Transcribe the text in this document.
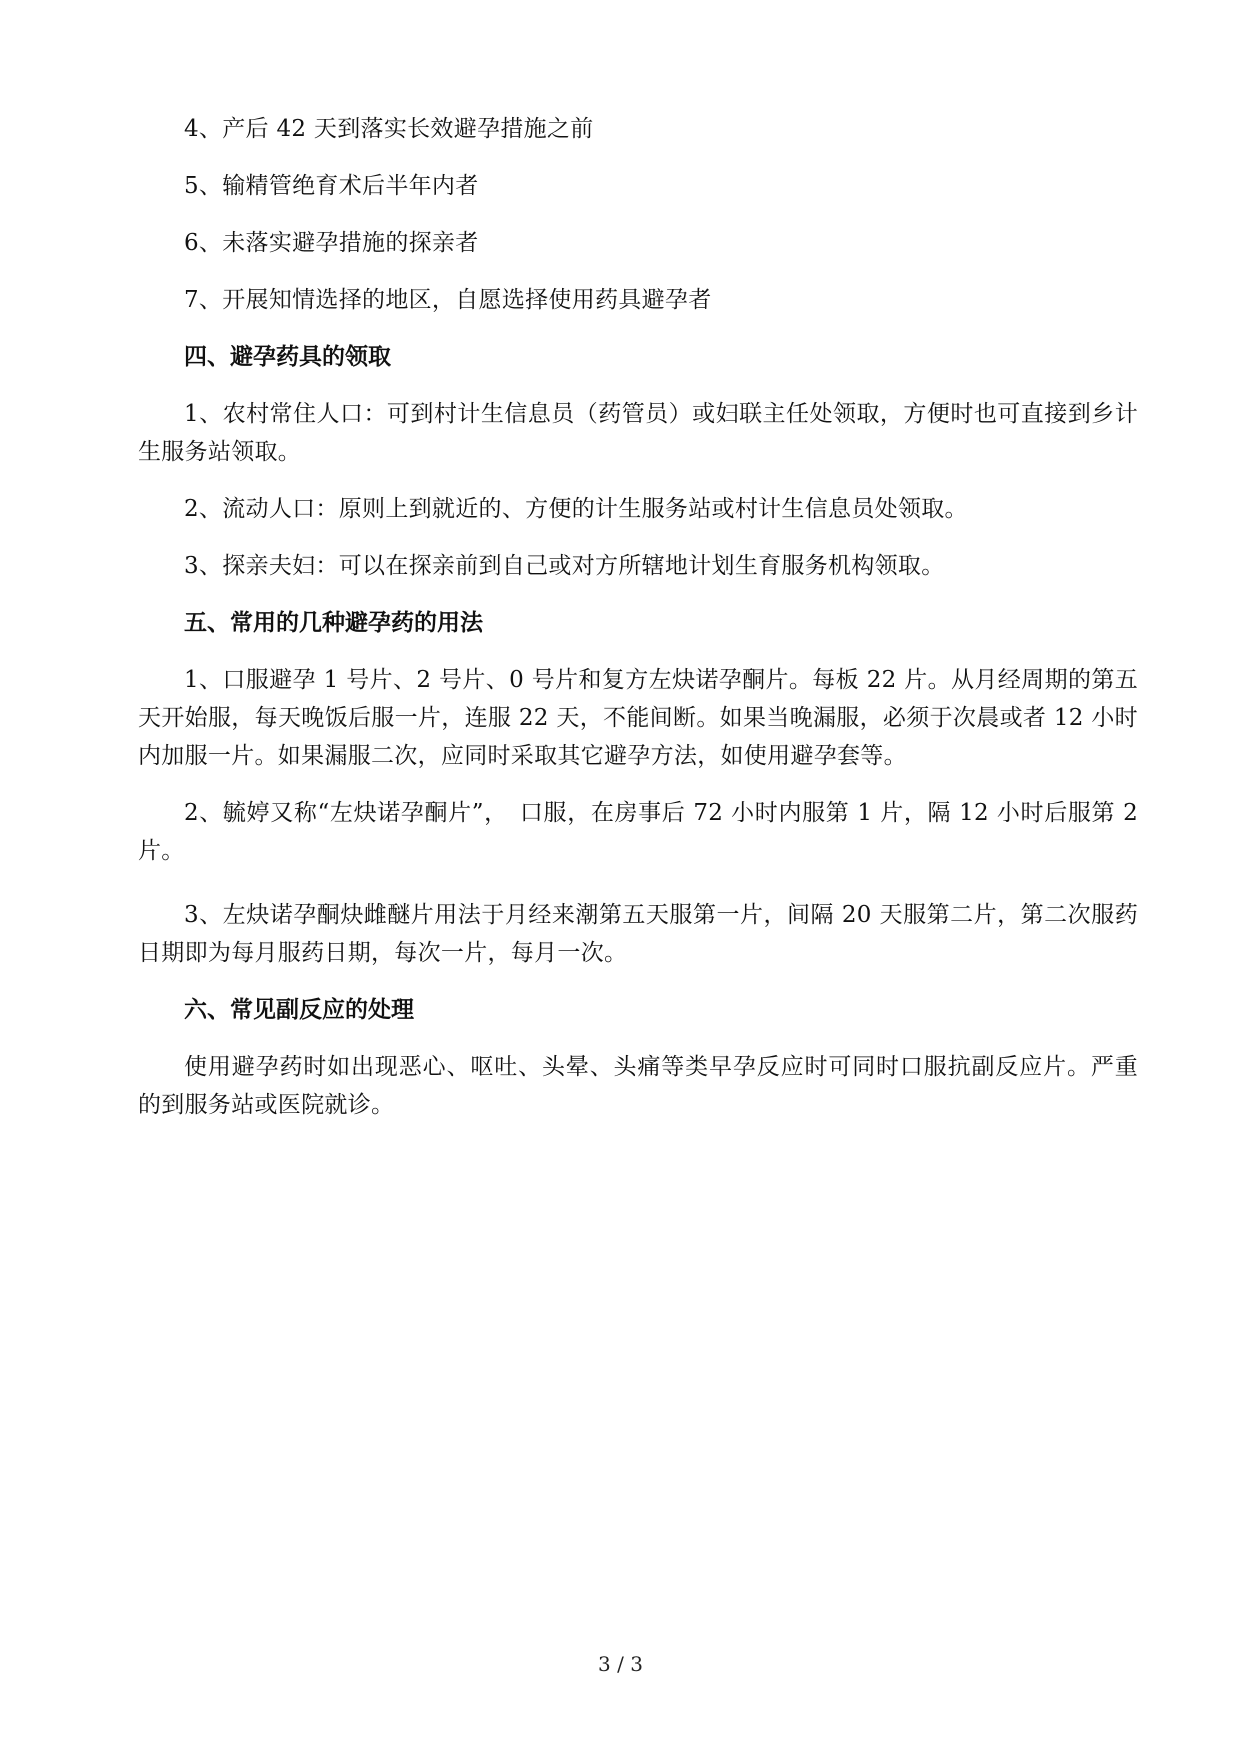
4、产后 42 天到落实长效避孕措施之前

5、输精管绝育术后半年内者

6、未落实避孕措施的探亲者

7、开展知情选择的地区，自愿选择使用药具避孕者

四、避孕药具的领取

1、农村常住人口：可到村计生信息员（药管员）或妇联主任处领取，方便时也可直接到乡计生服务站领取。

2、流动人口：原则上到就近的、方便的计生服务站或村计生信息员处领取。

3、探亲夫妇：可以在探亲前到自己或对方所辖地计划生育服务机构领取。

五、常用的几种避孕药的用法

1、口服避孕 1 号片、2 号片、0 号片和复方左炔诺孕酮片。每板 22 片。从月经周期的第五天开始服，每天晚饭后服一片，连服 22 天，不能间断。如果当晚漏服，必须于次晨或者 12 小时内加服一片。如果漏服二次，应同时采取其它避孕方法，如使用避孕套等。

2、毓婷又称“左炔诺孕酮片”，　口服，在房事后 72 小时内服第 1 片，隔 12 小时后服第 2 片。

3、左炔诺孕酮炔雌醚片用法于月经来潮第五天服第一片，间隔 20 天服第二片，第二次服药日期即为每月服药日期，每次一片，每月一次。

六、常见副反应的处理

使用避孕药时如出现恶心、呕吐、头晕、头痛等类早孕反应时可同时口服抗副反应片。严重的到服务站或医院就诊。

3 / 3
